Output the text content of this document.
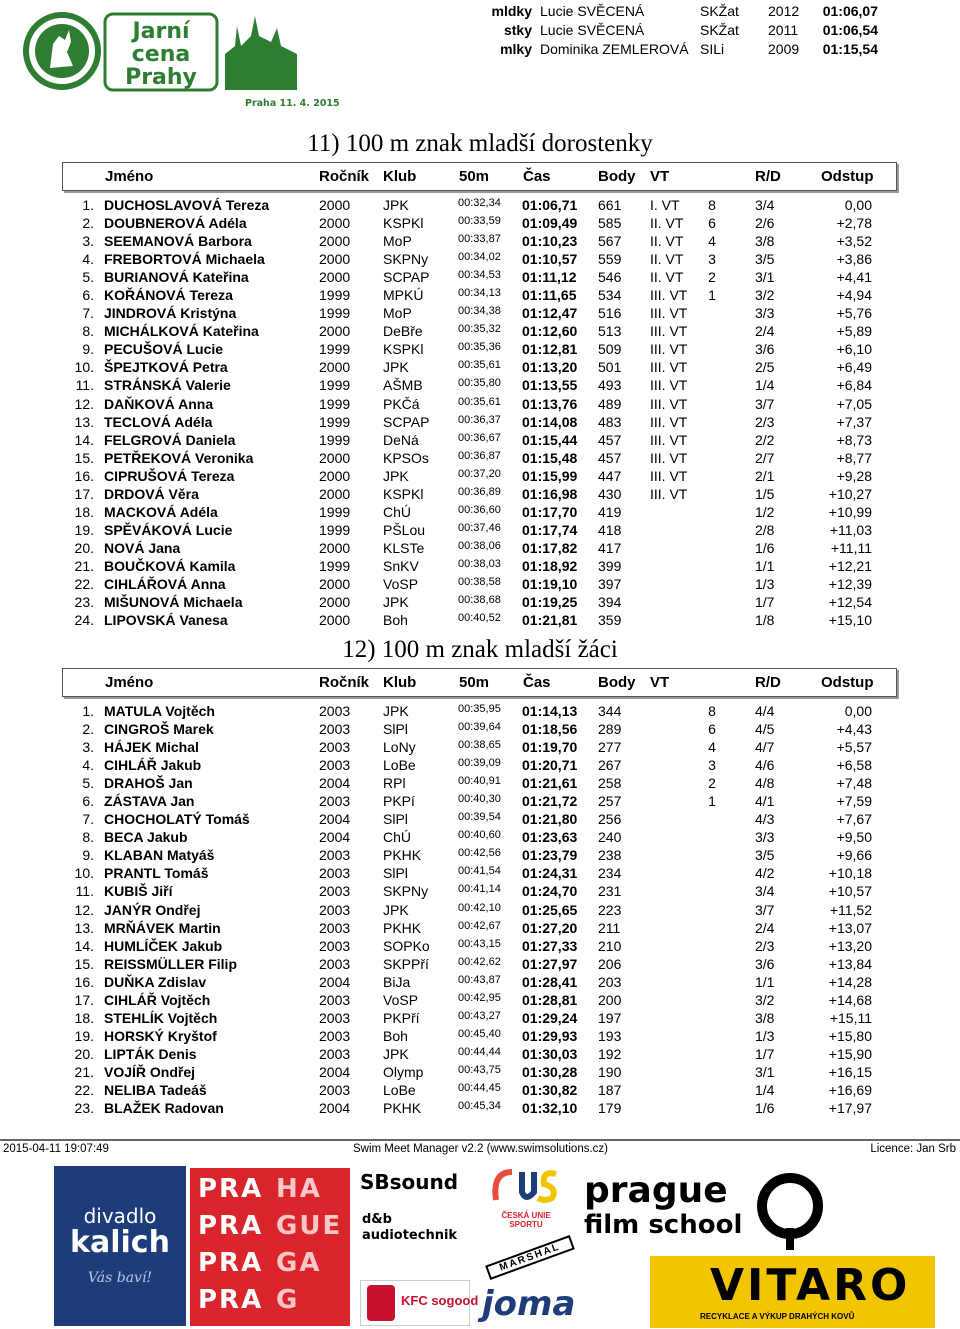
Jarní
cena
Prahy
Praha 11. 4. 2015
mldky Lucie SVĚCENÁ	SKŽat	2012	01:06,07
stky Lucie SVĚCENÁ	SKŽat	2011	01:06,54
mlky Dominika ZEMLEROVÁ SILi	2009	01:15,54
11) 100 m znak mladší dorostenky
Jméno	Ročník Klub	50m Čas	Body VT	R/D	Odstup
1. DUCHOSLAVOVÁ Tereza	2000 JPK	00:32,34 01:06,71 661 I. VT 8	3/4	0,00
2. DOUBNEROVÁ Adéla	2000 KSPKl	00:33,59 01:09,49 585 II. VT 6	2/6	+2,78
3. SEEMANOVÁ Barbora	2000 MoP	00:33,87 01:10,23 567 II. VT 4	3/8	+3,52
4. FREBORTOVÁ Michaela	2000 SKPNy	00:34,02 01:10,57 559 II. VT 3	3/5	+3,86
5. BURIANOVÁ Kateřina	2000 SCPAP	00:34,53 01:11,12 546 II. VT 2	3/1	+4,41
6. KOŘÁNOVÁ Tereza	1999 MPKÚ	00:34,13 01:11,65 534 III. VT 1	3/2	+4,94
7. JINDROVÁ Kristýna	1999 MoP	00:34,38 01:12,47 516 III. VT	3/3	+5,76
8. MICHÁLKOVÁ Kateřina	2000 DeBře	00:35,32 01:12,60 513 III. VT	2/4	+5,89
9. PECUŠOVÁ Lucie	1999 KSPKl	00:35,36 01:12,81 509 III. VT	3/6	+6,10
10. ŠPEJTKOVÁ Petra	2000 JPK	00:35,61 01:13,20 501 III. VT	2/5	+6,49
11. STRÁNSKÁ Valerie	1999 AŠMB	00:35,80 01:13,55 493 III. VT	1/4	+6,84
12. DAŇKOVÁ Anna	1999 PKČá	00:35,61 01:13,76 489 III. VT	3/7	+7,05
13. TECLOVÁ Adéla	1999 SCPAP	00:36,37 01:14,08 483 III. VT	2/3	+7,37
14. FELGROVÁ Daniela	1999 DeNá	00:36,67 01:15,44 457 III. VT	2/2	+8,73
15. PETŘEKOVÁ Veronika	2000 KPSOs	00:36,87 01:15,48 457 III. VT	2/7	+8,77
16. CIPRUŠOVÁ Tereza	2000 JPK	00:37,20 01:15,99 447 III. VT	2/1	+9,28
17. DRDOVÁ Věra	2000 KSPKl	00:36,89 01:16,98 430 III. VT	1/5	+10,27
18. MACKOVÁ Adéla	1999 ChÚ	00:36,60 01:17,70 419	1/2	+10,99
19. SPĚVÁKOVÁ Lucie	1999 PŠLou	00:37,46 01:17,74 418	2/8	+11,03
20. NOVÁ Jana	2000 KLSTe	00:38,06 01:17,82 417	1/6	+11,11
21. BOUČKOVÁ Kamila	1999 SnKV	00:38,03 01:18,92 399	1/1	+12,21
22. CIHLÁŘOVÁ Anna	2000 VoSP	00:38,58 01:19,10 397	1/3	+12,39
23. MIŠUNOVÁ Michaela	2000 JPK	00:38,68 01:19,25 394	1/7	+12,54
24. LIPOVSKÁ Vanesa	2000 Boh	00:40,52 01:21,81 359	1/8	+15,10
12) 100 m znak mladší žáci
Jméno	Ročník Klub	50m Čas	Body VT	R/D	Odstup
1. MATULA Vojtěch	2003 JPK	00:35,95 01:14,13 344	8	4/4	0,00
2. CINGROŠ Marek	2003 SlPl	00:39,64 01:18,56 289	6	4/5	+4,43
3. HÁJEK Michal	2003 LoNy	00:38,65 01:19,70 277	4	4/7	+5,57
4. CIHLÁŘ Jakub	2003 LoBe	00:39,09 01:20,71 267	3	4/6	+6,58
5. DRAHOŠ Jan	2004 RPl	00:40,91 01:21,61 258	2	4/8	+7,48
6. ZÁSTAVA Jan	2003 PKPí	00:40,30 01:21,72 257	1	4/1	+7,59
7. CHOCHOLATÝ Tomáš	2004 SlPl	00:39,54 01:21,80 256	4/3	+7,67
8. BECA Jakub	2004 ChÚ	00:40,60 01:23,63 240	3/3	+9,50
9. KLABAN Matyáš	2003 PKHK	00:42,56 01:23,79 238	3/5	+9,66
10. PRANTL Tomáš	2003 SlPl	00:41,54 01:24,31 234	4/2	+10,18
11. KUBIŠ Jiří	2003 SKPNy	00:41,14 01:24,70 231	3/4	+10,57
12. JANÝR Ondřej	2003 JPK	00:42,10 01:25,65 223	3/7	+11,52
13. MRŇÁVEK Martin	2003 PKHK	00:42,67 01:27,20 211	2/4	+13,07
14. HUMLÍČEK Jakub	2003 SOPKo	00:43,15 01:27,33 210	2/3	+13,20
15. REISSMÜLLER Filip	2003 SKPPří	00:42,62 01:27,97 206	3/6	+13,84
16. DUŇKA Zdislav	2004 BiJa	00:43,87 01:28,41 203	1/1	+14,28
17. CIHLÁŘ Vojtěch	2003 VoSP	00:42,95 01:28,81 200	3/2	+14,68
18. STEHLÍK Vojtěch	2003 PKPří	00:43,27 01:29,24 197	3/8	+15,11
19. HORSKÝ Kryštof	2003 Boh	00:45,40 01:29,93 193	1/3	+15,80
20. LIPTÁK Denis	2003 JPK	00:44,44 01:30,03 192	1/7	+15,90
21. VOJÍŘ Ondřej	2004 Olymp	00:43,75 01:30,28 190	3/1	+16,15
22. NELIBA Tadeáš	2003 LoBe	00:44,45 01:30,82 187	1/4	+16,69
23. BLAŽEK Radovan	2004 PKHK	00:45,34 01:32,10 179	1/6	+17,97
2015-04-11 19:07:49	Swim Meet Manager v2.2 (www.swimsolutions.cz)	Licence: Jan Srb
divadlo
kalich
Vás baví!
PRA HA
PRA GUE
PRA GA
PRA G
SBsound
d&b audiotechnik
ČESKÁ UNIE SPORTU
MARSHAL
KFC sogood joma
prague
film school
VITARO
RECYKLACE A VÝKUP DRAHÝCH KOVŮ
